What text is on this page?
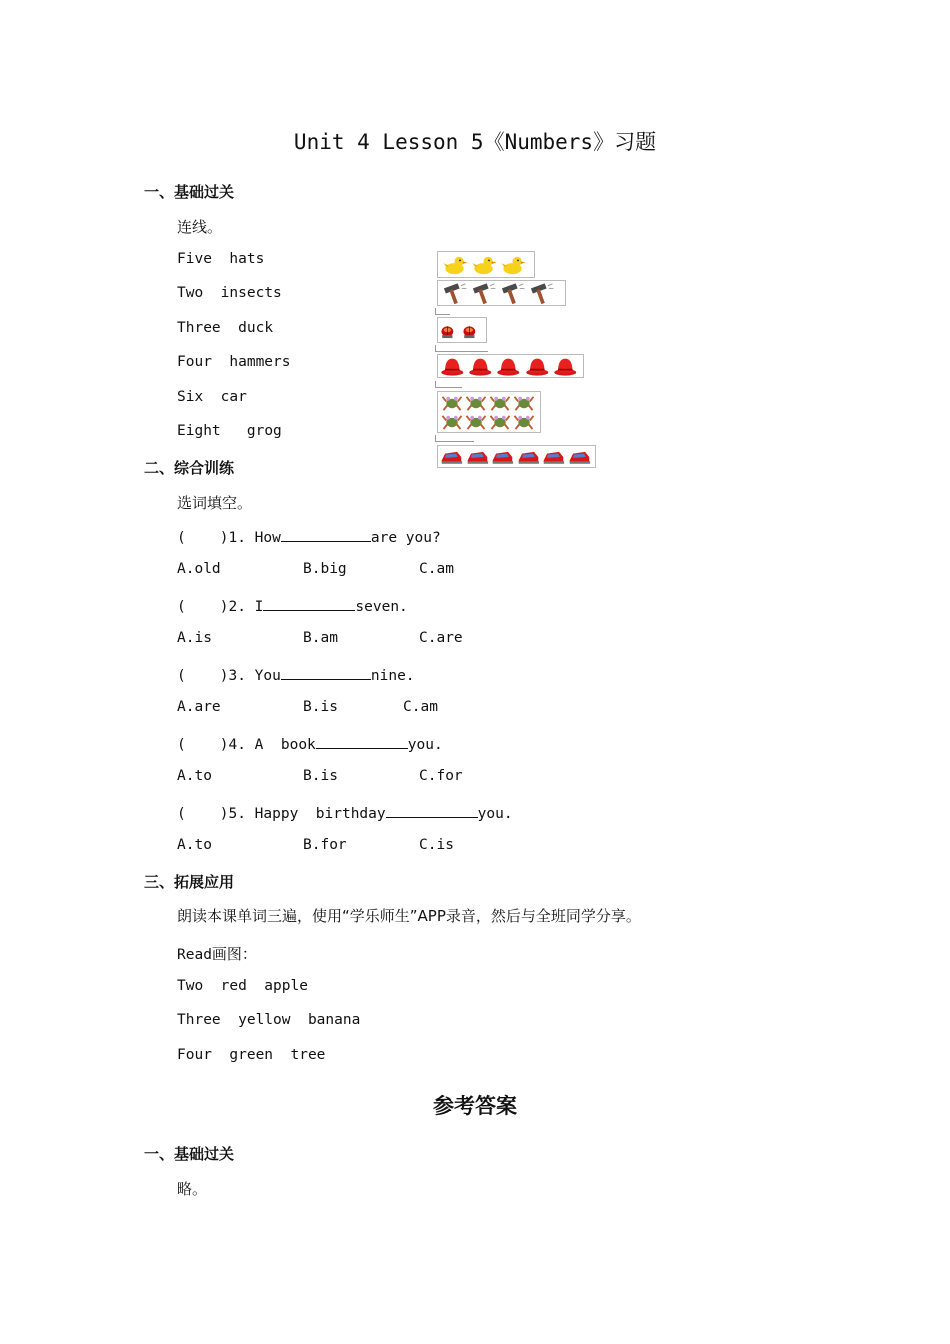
Unit 4 Lesson 5《Numbers》习题
一、基础过关
连线。
Five hats
Two insects
Three duck
Four hammers
Six car
Eight grog
二、综合训练
选词填空。
( )1. How	are you?
A.old	B.big	C.am
( )2. I	seven.
A.is	B.am	C.are
( )3. You	nine.
A.are	B.is	C.am
( )4. A  book	you.
A.to	B.is	C.for
( )5. Happy  birthday	you.
A.to	B.for	C.is
三、拓展应用
朗读本课单词三遍，使用“学乐师生”APP录音，然后与全班同学分享。
Read画图：
Two  red  apple
Three  yellow  banana
Four  green  tree
参考答案
一、基础过关
略。
